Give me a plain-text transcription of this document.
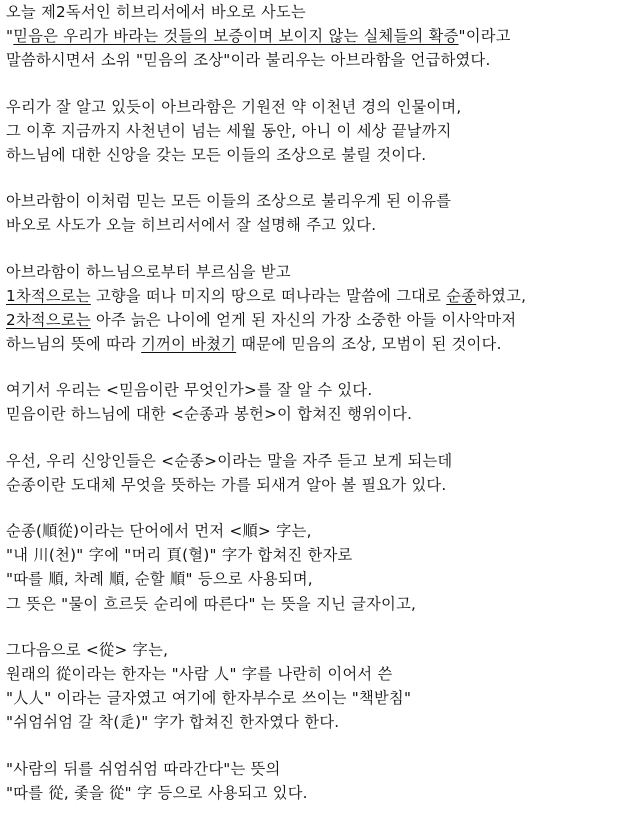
오늘 제2독서인 히브리서에서 바오로 사도는
"믿음은 우리가 바라는 것들의 보증이며 보이지 않는 실체들의 확증"이라고
말씀하시면서 소위 "믿음의 조상"이라 불리우는 아브라함을 언급하였다.
우리가 잘 알고 있듯이 아브라함은 기원전 약 이천년 경의 인물이며,
그 이후 지금까지 사천년이 넘는 세월 동안, 아니 이 세상 끝날까지
하느님에 대한 신앙을 갖는 모든 이들의 조상으로 불릴 것이다.
아브라함이 이처럼 믿는 모든 이들의 조상으로 불리우게 된 이유를
바오로 사도가 오늘 히브리서에서 잘 설명해 주고 있다.
아브라함이 하느님으로부터 부르심을 받고
1차적으로는 고향을 떠나 미지의 땅으로 떠나라는 말씀에 그대로 순종하였고,
2차적으로는 아주 늙은 나이에 얻게 된 자신의 가장 소중한 아들 이사악마저
하느님의 뜻에 따라 기꺼이 바쳤기 때문에 믿음의 조상, 모범이 된 것이다.
여기서 우리는 <믿음이란 무엇인가>를 잘 알 수 있다.
믿음이란 하느님에 대한 <순종과 봉헌>이 합쳐진 행위이다.
우선, 우리 신앙인들은 <순종>이라는 말을 자주 듣고 보게 되는데
순종이란 도대체 무엇을 뜻하는 가를 되새겨 알아 볼 필요가 있다.
순종(順從)이라는 단어에서 먼저 <順> 字는,
"내 川(천)" 字에 "머리 頁(혈)" 字가 합쳐진 한자로
"따를 順, 차례 順, 순할 順" 등으로 사용되며,
그 뜻은 "물이 흐르듯 순리에 따른다" 는 뜻을 지닌 글자이고,
그다음으로 <從> 字는,
원래의 從이라는 한자는 "사람 人" 字를 나란히 이어서 쓴
"人人" 이라는 글자였고 여기에 한자부수로 쓰이는 "책받침"
"쉬엄쉬엄 갈 착(辵)" 字가 합쳐진 한자였다 한다.
"사람의 뒤를 쉬엄쉬엄 따라간다"는 뜻의
"따를 從, 좇을 從" 字 등으로 사용되고 있다.
